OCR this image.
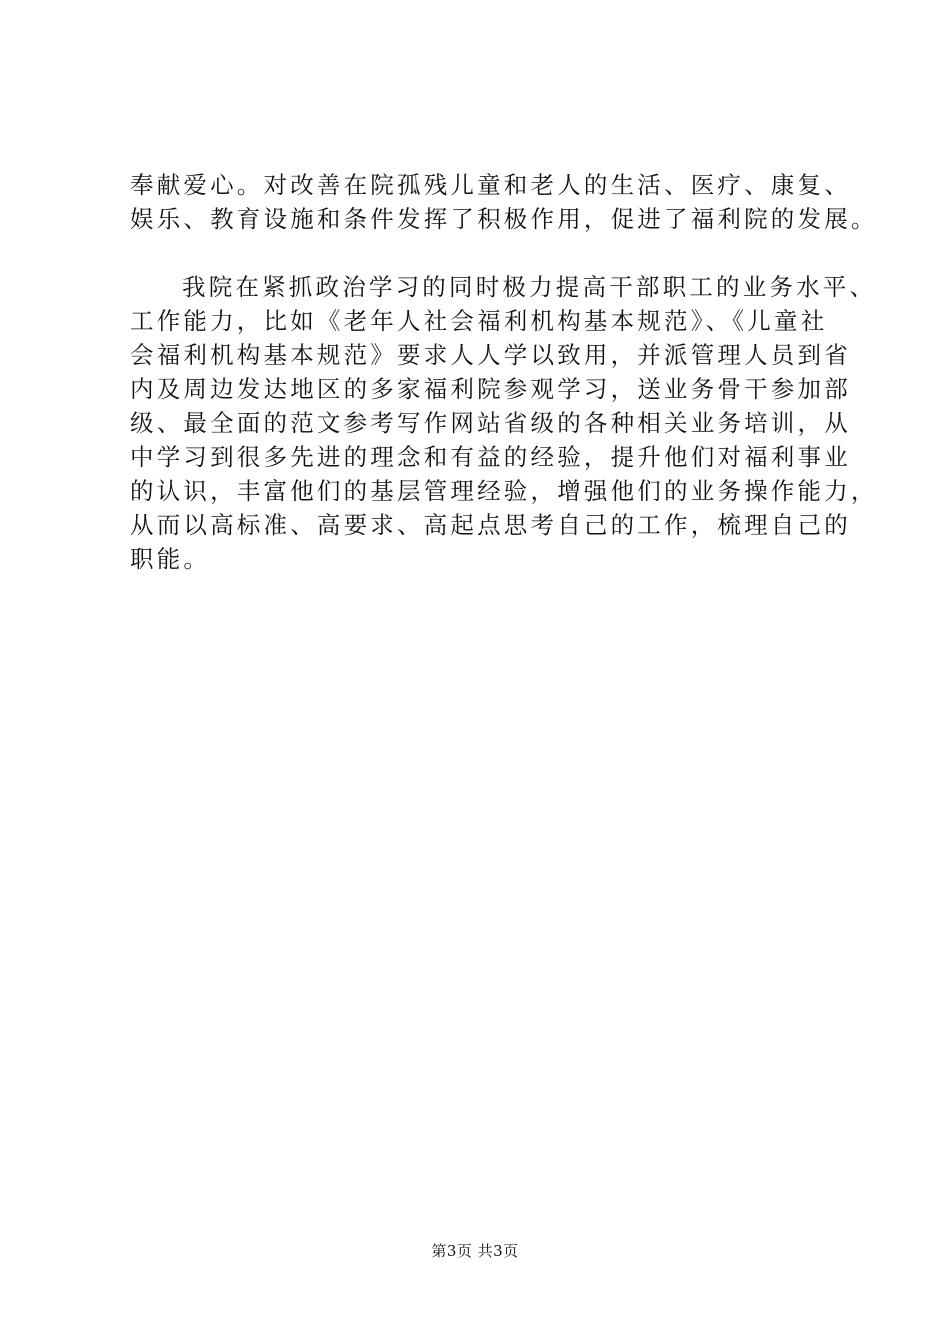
奉献爱心。对改善在院孤残儿童和老人的生活、医疗、康复、
娱乐、教育设施和条件发挥了积极作用，促进了福利院的发展。
我院在紧抓政治学习的同时极力提高干部职工的业务水平、
工作能力，比如《老年人社会福利机构基本规范》、《儿童社
会福利机构基本规范》要求人人学以致用，并派管理人员到省
内及周边发达地区的多家福利院参观学习，送业务骨干参加部
级、最全面的范文参考写作网站省级的各种相关业务培训，从
中学习到很多先进的理念和有益的经验，提升他们对福利事业
的认识，丰富他们的基层管理经验，增强他们的业务操作能力，
从而以高标准、高要求、高起点思考自己的工作，梳理自己的
职能。
第3页 共3页
